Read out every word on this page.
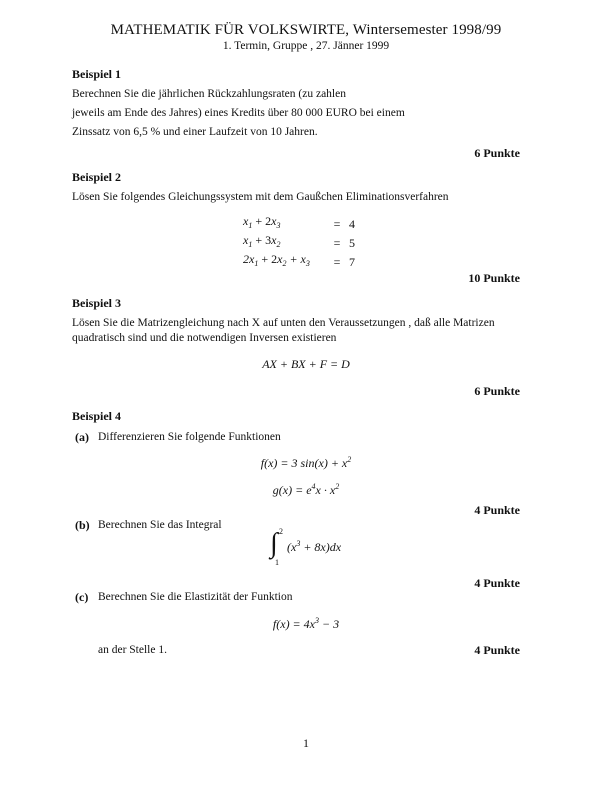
MATHEMATIK FÜR VOLKSWIRTE, Wintersemester 1998/99
1. Termin, Gruppe , 27. Jänner 1999
Beispiel 1
Berechnen Sie die jährlichen Rückzahlungsraten (zu zahlen
jeweils am Ende des Jahres) eines Kredits über 80 000 EURO bei einem
Zinssatz von 6,5 % und einer Laufzeit von 10 Jahren.
6 Punkte
Beispiel 2
Lösen Sie folgendes Gleichungssystem mit dem Gaußchen Eliminationsverfahren
$x_1 + 2x_3$	=	4
$x_1 + 3x_2$	=	5
$2x_1 + 2x_2 + x_3$	=	7
10 Punkte
Beispiel 3
Lösen Sie die Matrizengleichung nach X auf unten den Veraussetzungen , daß alle Matrizen
quadratisch sind und die notwendigen Inversen existieren
AX + BX + F = D
6 Punkte
Beispiel 4
(a) Differenzieren Sie folgende Funktionen
f(x) = 3 $\sin(x) + x^2$
$g(x) = e^4x \cdot x^2$
4 Punkte
(b) Berechnen Sie das Integral
∫ 2
1
$(x^3 + 8x)dx$
4 Punkte
(c) Berechnen Sie die Elastizität der Funktion
$f(x) = 4x^3 - 3$
an der Stelle 1.	4 Punkte
1
